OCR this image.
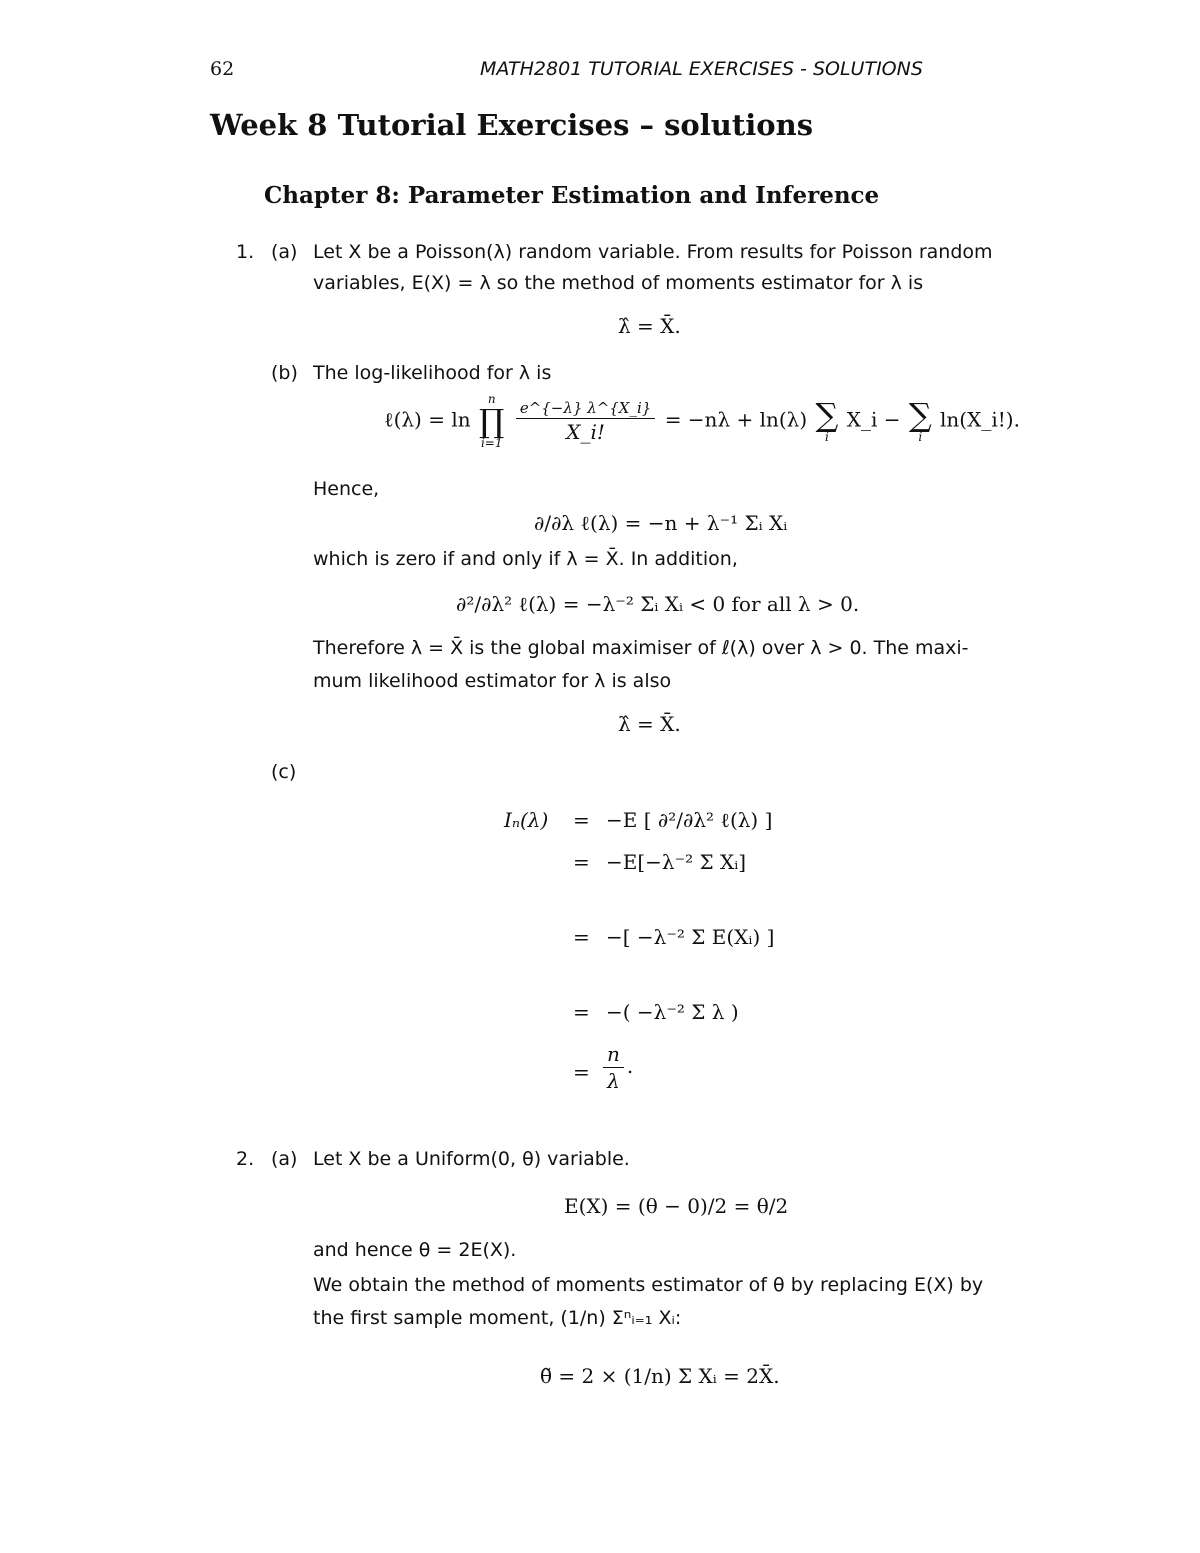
62	MATH2801 TUTORIAL EXERCISES - SOLUTIONS
Week 8 Tutorial Exercises – solutions
Chapter 8: Parameter Estimation and Inference
1. (a) Let X be a Poisson(λ) random variable. From results for Poisson random
variables, E(X) = λ so the method of moments estimator for λ is
λ̂ = X̄.
(b) The log-likelihood for λ is
ℓ(λ) = ln
n
∏
i=1
$\frac{e\^{}\{-\lambda\} \lambda\^{}\{X\_i\}}{X\_i!} = -n\lambda + \ln(\lambda)$ ∑
i
X_i − ∑
i
ln(X_i!).
Hence,
∂/∂λ ℓ(λ) = −n + λ⁻¹ Σᵢ Xᵢ
which is zero if and only if λ = X̄. In addition,
∂²/∂λ² ℓ(λ) = −λ⁻² Σᵢ Xᵢ < 0 for all λ > 0.
Therefore λ = X̄ is the global maximiser of ℓ(λ) over λ > 0. The maxi-
mum likelihood estimator for λ is also
λ̂ = X̄.
(c)
Iₙ(λ) = −E [ ∂²/∂λ² ℓ(λ) ]
= −E[−λ⁻² Σ Xᵢ]
= −[ −λ⁻² Σ E(Xᵢ) ]
= −( −λ⁻² Σ λ )
= $\frac{n}{\lambda}$ .
2. (a) Let X be a Uniform(0, θ) variable.
E(X) = (θ − 0)/2 = θ/2
and hence θ = 2E(X).
We obtain the method of moments estimator of θ by replacing E(X) by
the first sample moment, (1/n) Σⁿᵢ₌₁ Xᵢ:
θ̃ = 2 × (1/n) Σ Xᵢ = 2X̄.
